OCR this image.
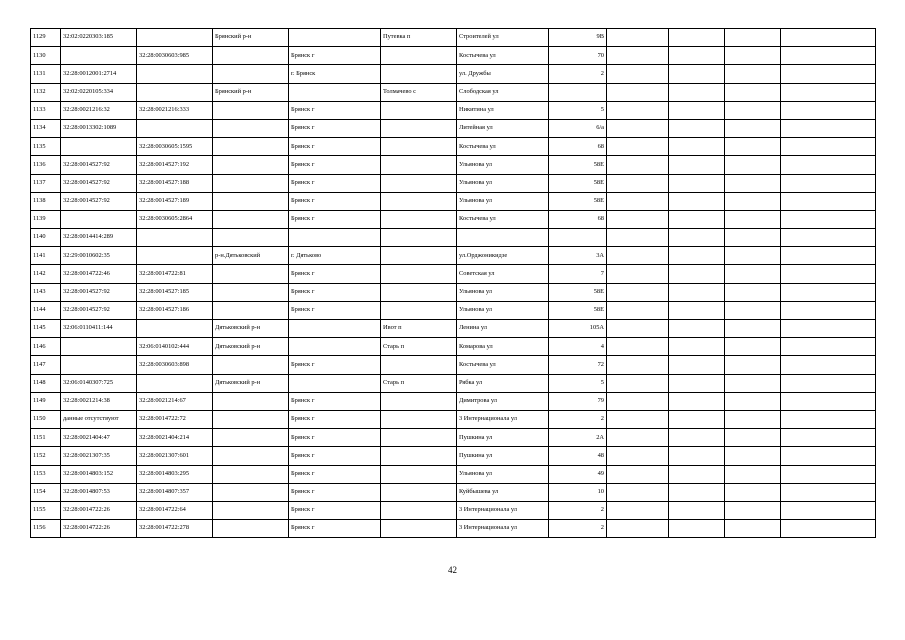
1129	32:02:0220303:185		Брянский р-н		Путевка п	Строителей ул	9В				
1130		32:28:0030603:985		Брянск г		Костычева ул	70				
1131	32:28:0012001:2714			г. Брянск		ул. Дружбы	2				
1132	32:02:0220105:334		Брянский р-н		Толмачево с	Слободская ул					
1133	32:28:0021216:32	32:28:0021216:333		Брянск г		Никитина ул	5				
1134	32:28:0013302:1089			Брянск г		Литейная ул	6/а				
1135		32:28:0030605:1595		Брянск г		Костычева ул	68				
1136	32:28:0014527:92	32:28:0014527:192		Брянск г		Ульянова ул	58Е				
1137	32:28:0014527:92	32:28:0014527:188		Брянск г		Ульянова ул	58Е				
1138	32:28:0014527:92	32:28:0014527:189		Брянск г		Ульянова ул	58Е				
1139		32:28:0030605:2864		Брянск г		Костычева ул	68				
1140	32:28:0014414:289										
1141	32:29:0010602:35		р-н.Дятьковский	г. Дятьково		ул.Орджоникидзе	3А				
1142	32:28:0014722:46	32:28:0014722:81		Брянск г		Советская ул	7				
1143	32:28:0014527:92	32:28:0014527:185		Брянск г		Ульянова ул	58Е				
1144	32:28:0014527:92	32:28:0014527:186		Брянск г		Ульянова ул	58Е				
1145	32:06:0110411:144		Дятьковский р-н		Ивот п	Ленина ул	105А				
1146		32:06:0140102:444	Дятьковский р-н		Старь п	Комарова ул	4				
1147		32:28:0030603:898		Брянск г		Костычева ул	72				
1148	32:06:0140307:725		Дятьковский р-н		Старь п	Рябка ул	5				
1149	32:28:0021214:38	32:28:0021214:67		Брянск г		Димитрова ул	79				
1150	данные отсутствуют	32:28:0014722:72		Брянск г		3 Интернационала ул	2				
1151	32:28:0021404:47	32:28:0021404:214		Брянск г		Пушкина ул	2А				
1152	32:28:0021307:35	32:28:0021307:601		Брянск г		Пушкина ул	48				
1153	32:28:0014803:152	32:28:0014803:295		Брянск г		Ульянова ул	49				
1154	32:28:0014807:53	32:28:0014807:357		Брянск г		Куйбышева ул	10				
1155	32:28:0014722:26	32:28:0014722:64		Брянск г		3 Интернационала ул	2				
1156	32:28:0014722:26	32:28:0014722:278		Брянск г		3 Интернационала ул	2				
42
